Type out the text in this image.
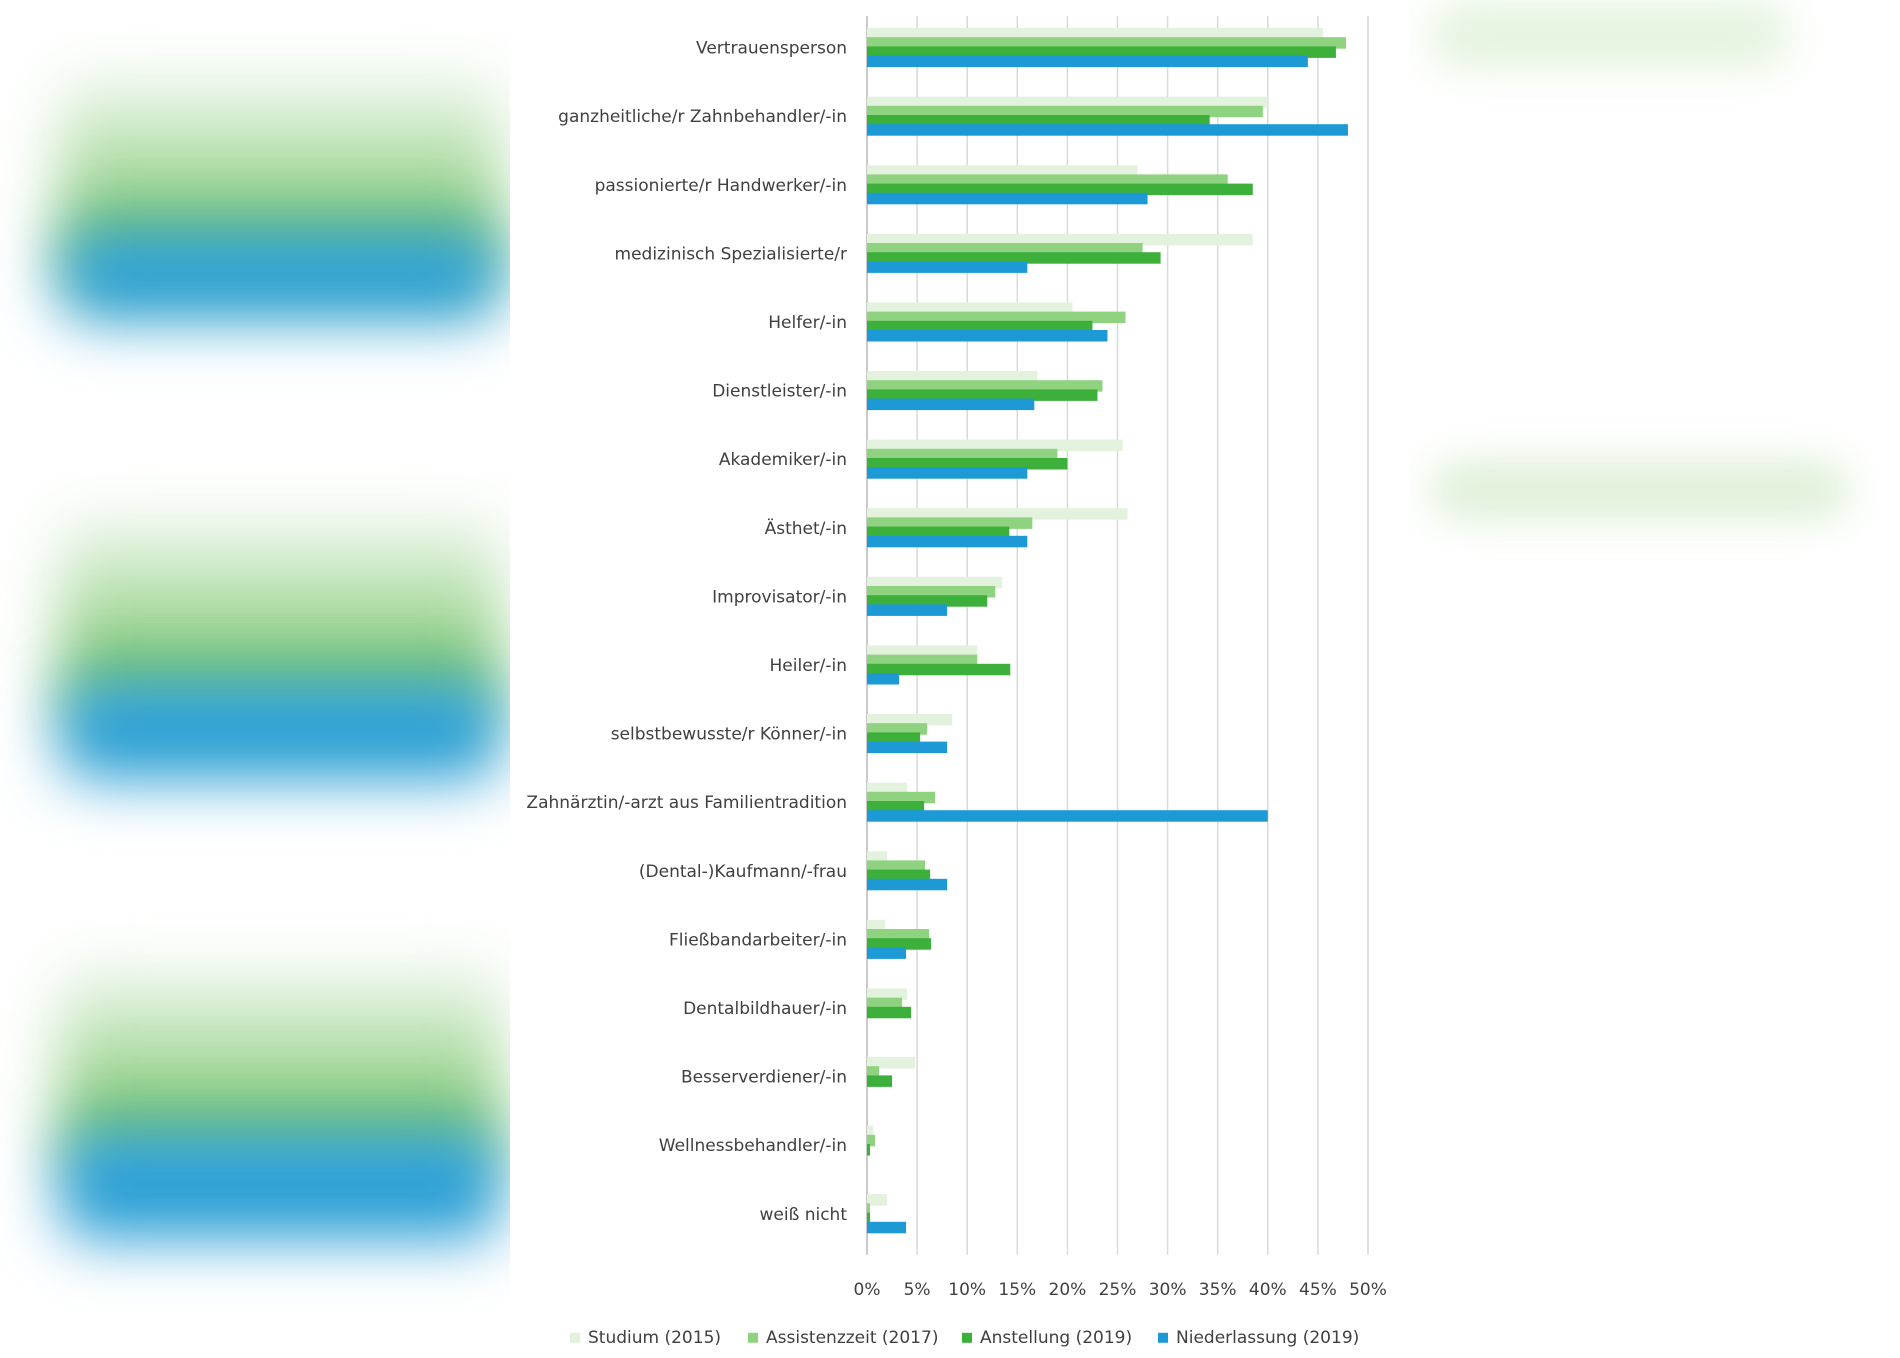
Vertrauensperson
ganzheitliche/r Zahnbehandler/-in
passionierte/r Handwerker/-in
medizinisch Spezialisierte/r
Helfer/-in
Dienstleister/-in
Akademiker/-in
Ästhet/-in
Improvisator/-in
Heiler/-in
selbstbewusste/r Könner/-in
Zahnärztin/-arzt aus Familientradition
(Dental-)Kaufmann/-frau
Fließbandarbeiter/-in
Dentalbildhauer/-in
Besserverdiener/-in
Wellnessbehandler/-in
weiß nicht
0% 5% 10% 15% 20% 25% 30% 35% 40% 45% 50%
Studium (2015)	Assistenzzeit (2017) Anstellung (2019)	Niederlassung (2019)
